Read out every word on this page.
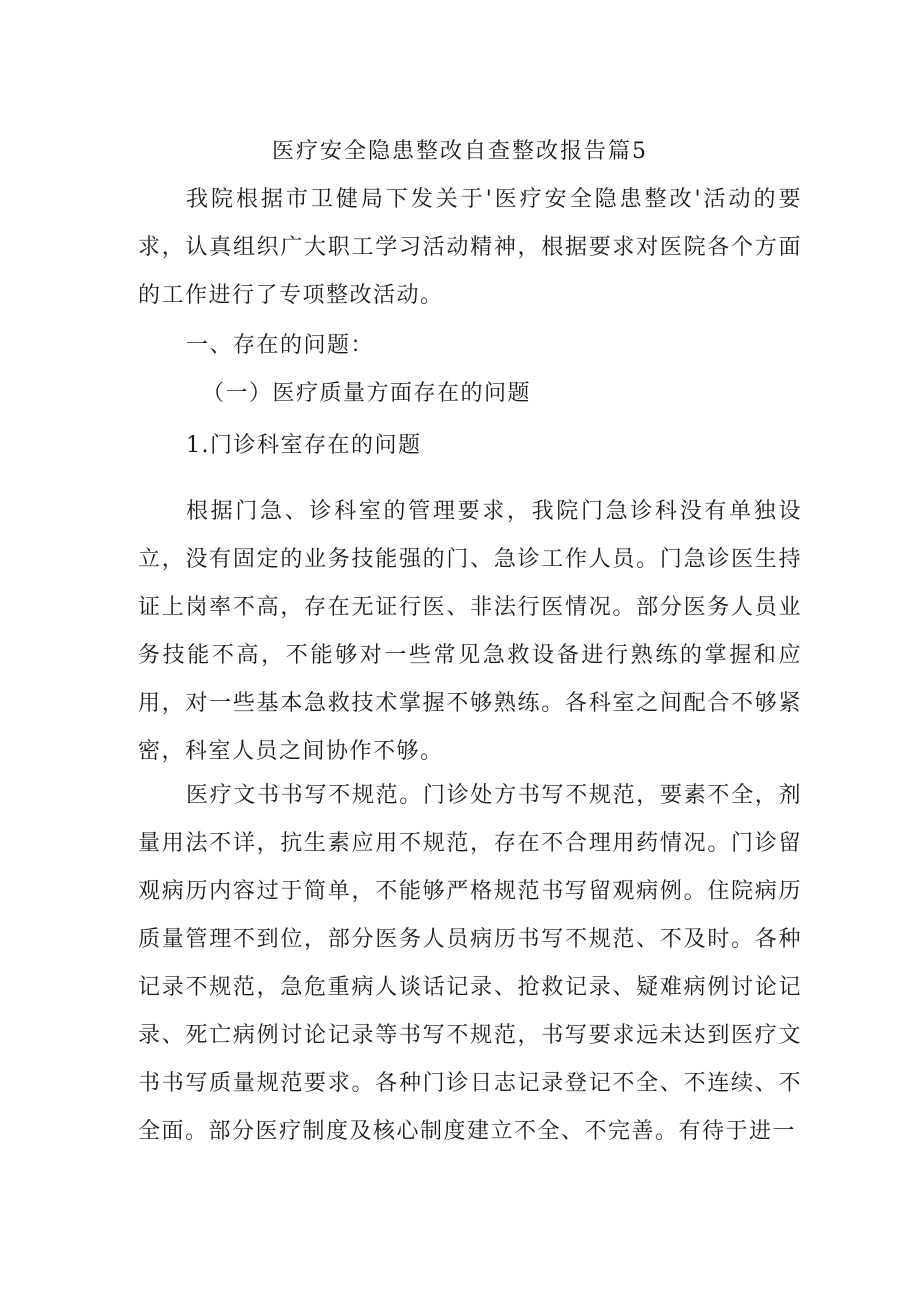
医疗安全隐患整改自查整改报告篇5

我院根据市卫健局下发关于'医疗安全隐患整改'活动的要求，认真组织广大职工学习活动精神，根据要求对医院各个方面的工作进行了专项整改活动。

一、存在的问题：

（一）医疗质量方面存在的问题

1.门诊科室存在的问题

根据门急、诊科室的管理要求，我院门急诊科没有单独设立，没有固定的业务技能强的门、急诊工作人员。门急诊医生持证上岗率不高，存在无证行医、非法行医情况。部分医务人员业务技能不高，不能够对一些常见急救设备进行熟练的掌握和应用，对一些基本急救技术掌握不够熟练。各科室之间配合不够紧密，科室人员之间协作不够。

医疗文书书写不规范。门诊处方书写不规范，要素不全，剂量用法不详，抗生素应用不规范，存在不合理用药情况。门诊留观病历内容过于简单，不能够严格规范书写留观病例。住院病历质量管理不到位，部分医务人员病历书写不规范、不及时。各种记录不规范，急危重病人谈话记录、抢救记录、疑难病例讨论记录、死亡病例讨论记录等书写不规范，书写要求远未达到医疗文书书写质量规范要求。各种门诊日志记录登记不全、不连续、不全面。部分医疗制度及核心制度建立不全、不完善。有待于进一
